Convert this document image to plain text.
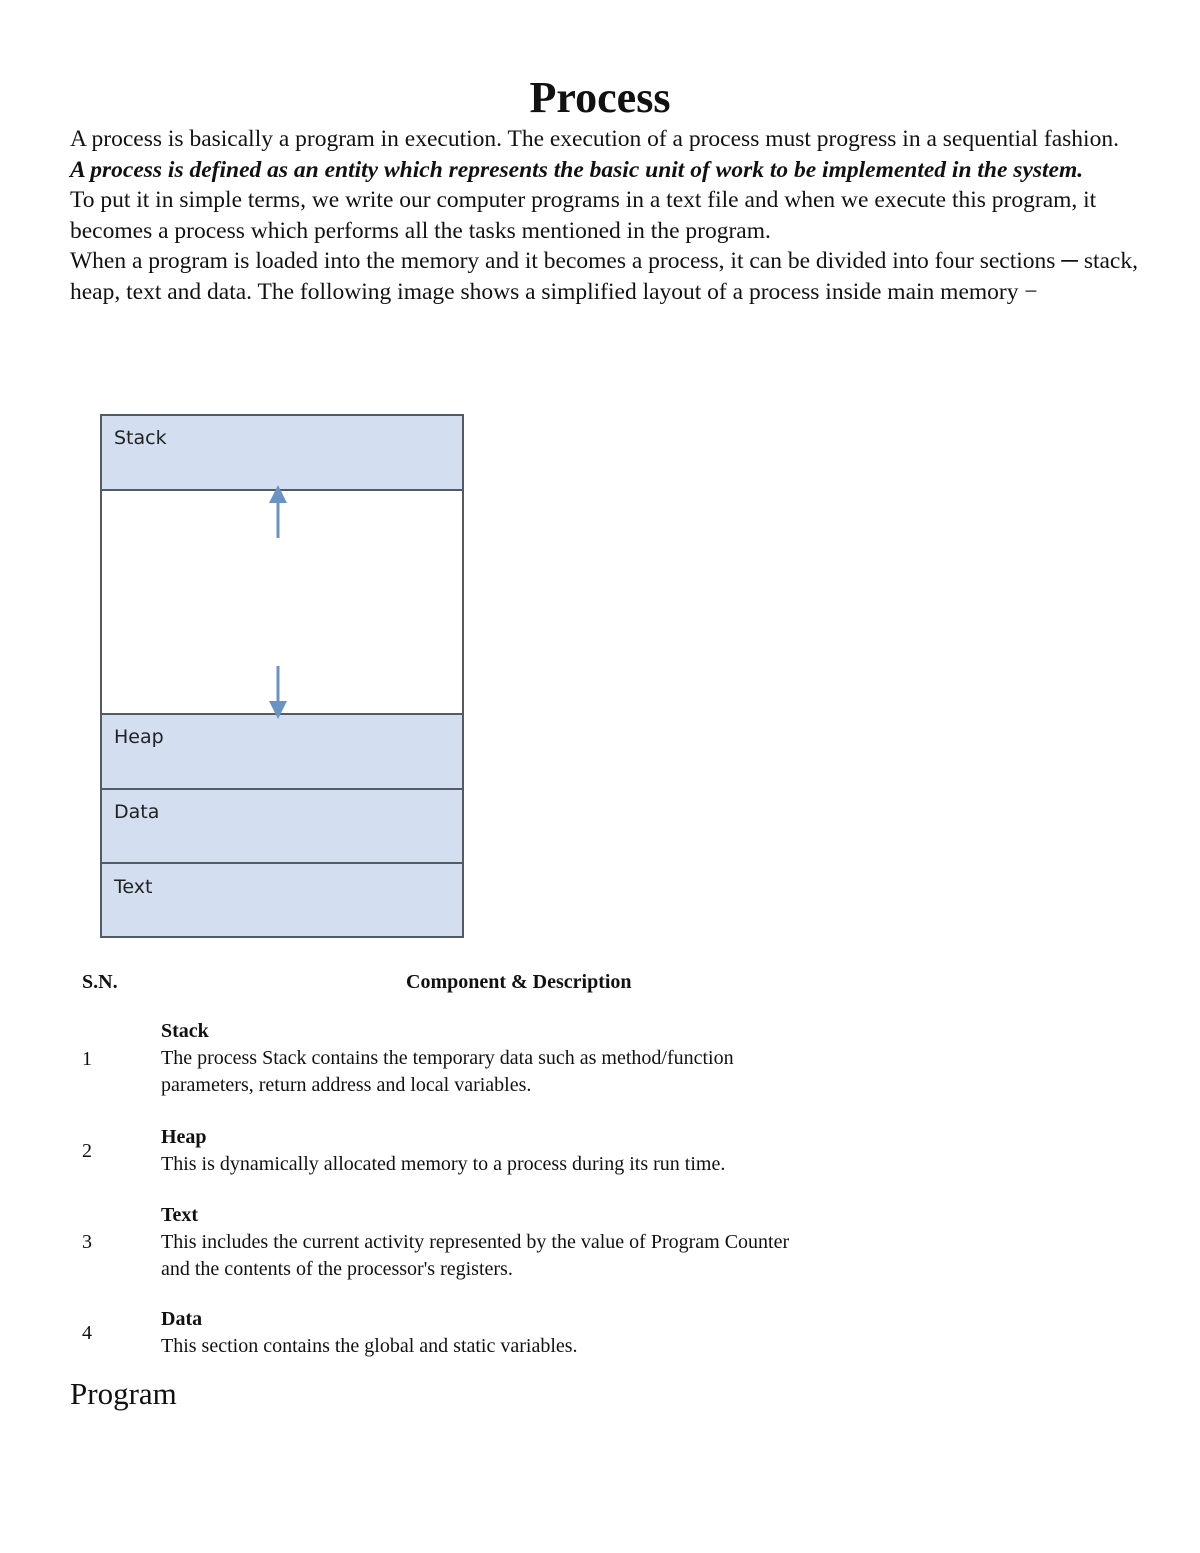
Process

A process is basically a program in execution. The execution of a process must progress in a sequential fashion.

A process is defined as an entity which represents the basic unit of work to be implemented in the system.

To put it in simple terms, we write our computer programs in a text file and when we execute this program, it becomes a process which performs all the tasks mentioned in the program.

When a program is loaded into the memory and it becomes a process, it can be divided into four sections ─ stack, heap, text and data. The following image shows a simplified layout of a process inside main memory −

Stack
Heap
Data
Text
S.N.	Component & Description
1
Stack
The process Stack contains the temporary data such as method/function
parameters, return address and local variables.
2
Heap
This is dynamically allocated memory to a process during its run time.
3
Text
This includes the current activity represented by the value of Program Counter
and the contents of the processor's registers.
4
Data
This section contains the global and static variables.
Program
